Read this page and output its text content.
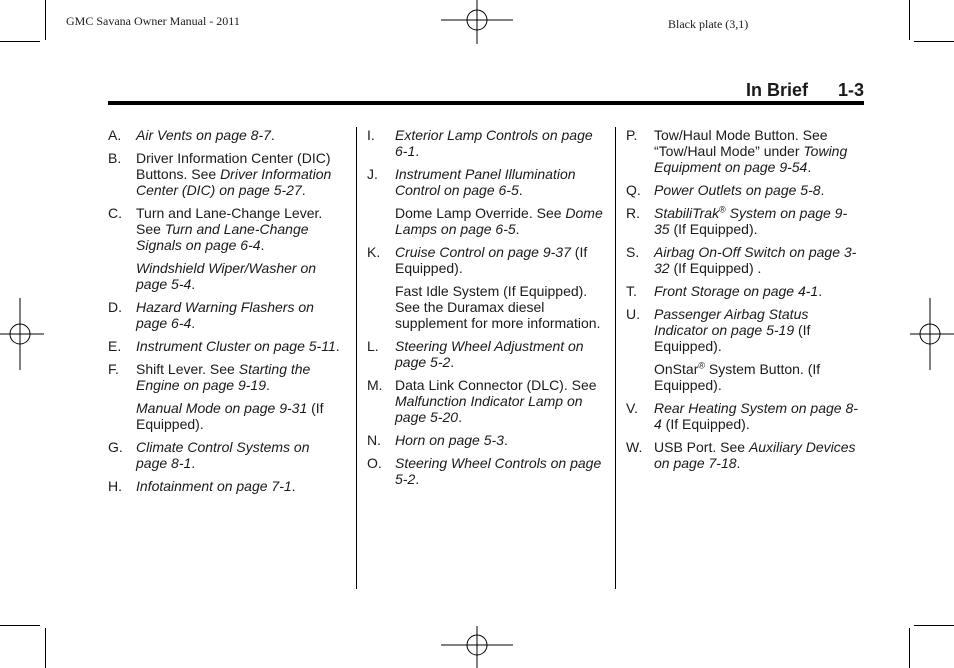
GMC Savana Owner Manual - 2011	Black plate (3,1)
In Brief 1-3
A. Air Vents on page 8-7.
B. Driver Information Center (DIC) Buttons. See Driver Information Center (DIC) on page 5-27.
C. Turn and Lane-Change Lever. See Turn and Lane-Change Signals on page 6-4.
Windshield Wiper/Washer on page 5-4.
D. Hazard Warning Flashers on page 6-4.
E. Instrument Cluster on page 5-11.
F. Shift Lever. See Starting the Engine on page 9-19.
Manual Mode on page 9-31 (If Equipped).
G. Climate Control Systems on page 8-1.
H. Infotainment on page 7-1.
I. Exterior Lamp Controls on page 6-1.
J. Instrument Panel Illumination Control on page 6-5.
Dome Lamp Override. See Dome Lamps on page 6-5.
K. Cruise Control on page 9-37 (If Equipped).
Fast Idle System (If Equipped). See the Duramax diesel supplement for more information.
L. Steering Wheel Adjustment on page 5-2.
M. Data Link Connector (DLC). See Malfunction Indicator Lamp on page 5-20.
N. Horn on page 5-3.
O. Steering Wheel Controls on page 5-2.
P. Tow/Haul Mode Button. See “Tow/Haul Mode” under Towing Equipment on page 9-54.
Q. Power Outlets on page 5-8.
R. StabiliTrak® System on page 9-35 (If Equipped).
S. Airbag On-Off Switch on page 3-32 (If Equipped) .
T. Front Storage on page 4-1.
U. Passenger Airbag Status Indicator on page 5-19 (If Equipped).
OnStar® System Button. (If Equipped).
V. Rear Heating System on page 8-4 (If Equipped).
W. USB Port. See Auxiliary Devices on page 7-18.
